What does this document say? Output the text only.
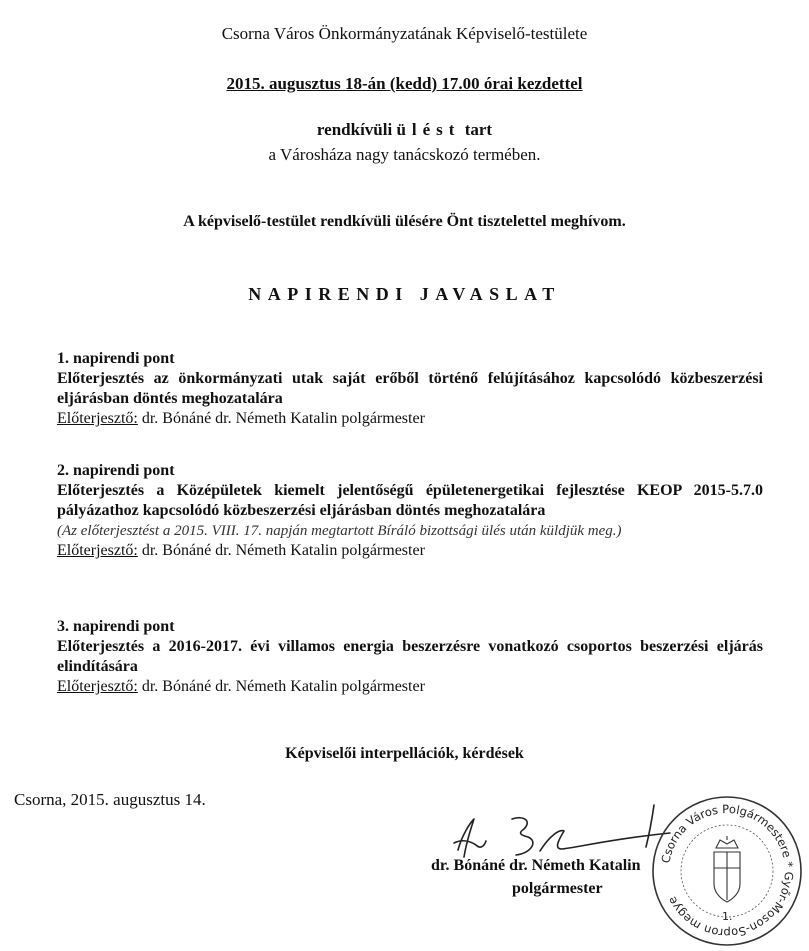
Csorna Város Önkormányzatának Képviselő-testülete

2015. augusztus 18-án (kedd) 17.00 órai kezdettel

rendkívüli ülést tart

a Városháza nagy tanácskozó termében.

A képviselő-testület rendkívüli ülésére Önt tisztelettel meghívom.

NAPIRENDI JAVASLAT

1. napirendi pont
Előterjesztés az önkormányzati utak saját erőből történő felújításához kapcsolódó közbeszerzési eljárásban döntés meghozatalára
Előterjesztő: dr. Bónáné dr. Németh Katalin polgármester
2. napirendi pont
Előterjesztés a Középületek kiemelt jelentőségű épületenergetikai fejlesztése KEOP 2015-5.7.0 pályázathoz kapcsolódó közbeszerzési eljárásban döntés meghozatalára
(Az előterjesztést a 2015. VIII. 17. napján megtartott Bíráló bizottsági ülés után küldjük meg.)
Előterjesztő: dr. Bónáné dr. Németh Katalin polgármester
3. napirendi pont
Előterjesztés a 2016-2017. évi villamos energia beszerzésre vonatkozó csoportos beszerzési eljárás elindítására
Előterjesztő: dr. Bónáné dr. Németh Katalin polgármester

Képviselői interpellációk, kérdések

Csorna, 2015. augusztus 14.

dr. Bónáné dr. Németh Katalin

polgármester

Csorna Város Polgármestere * Győr-Moson-Sopron megye
1.
